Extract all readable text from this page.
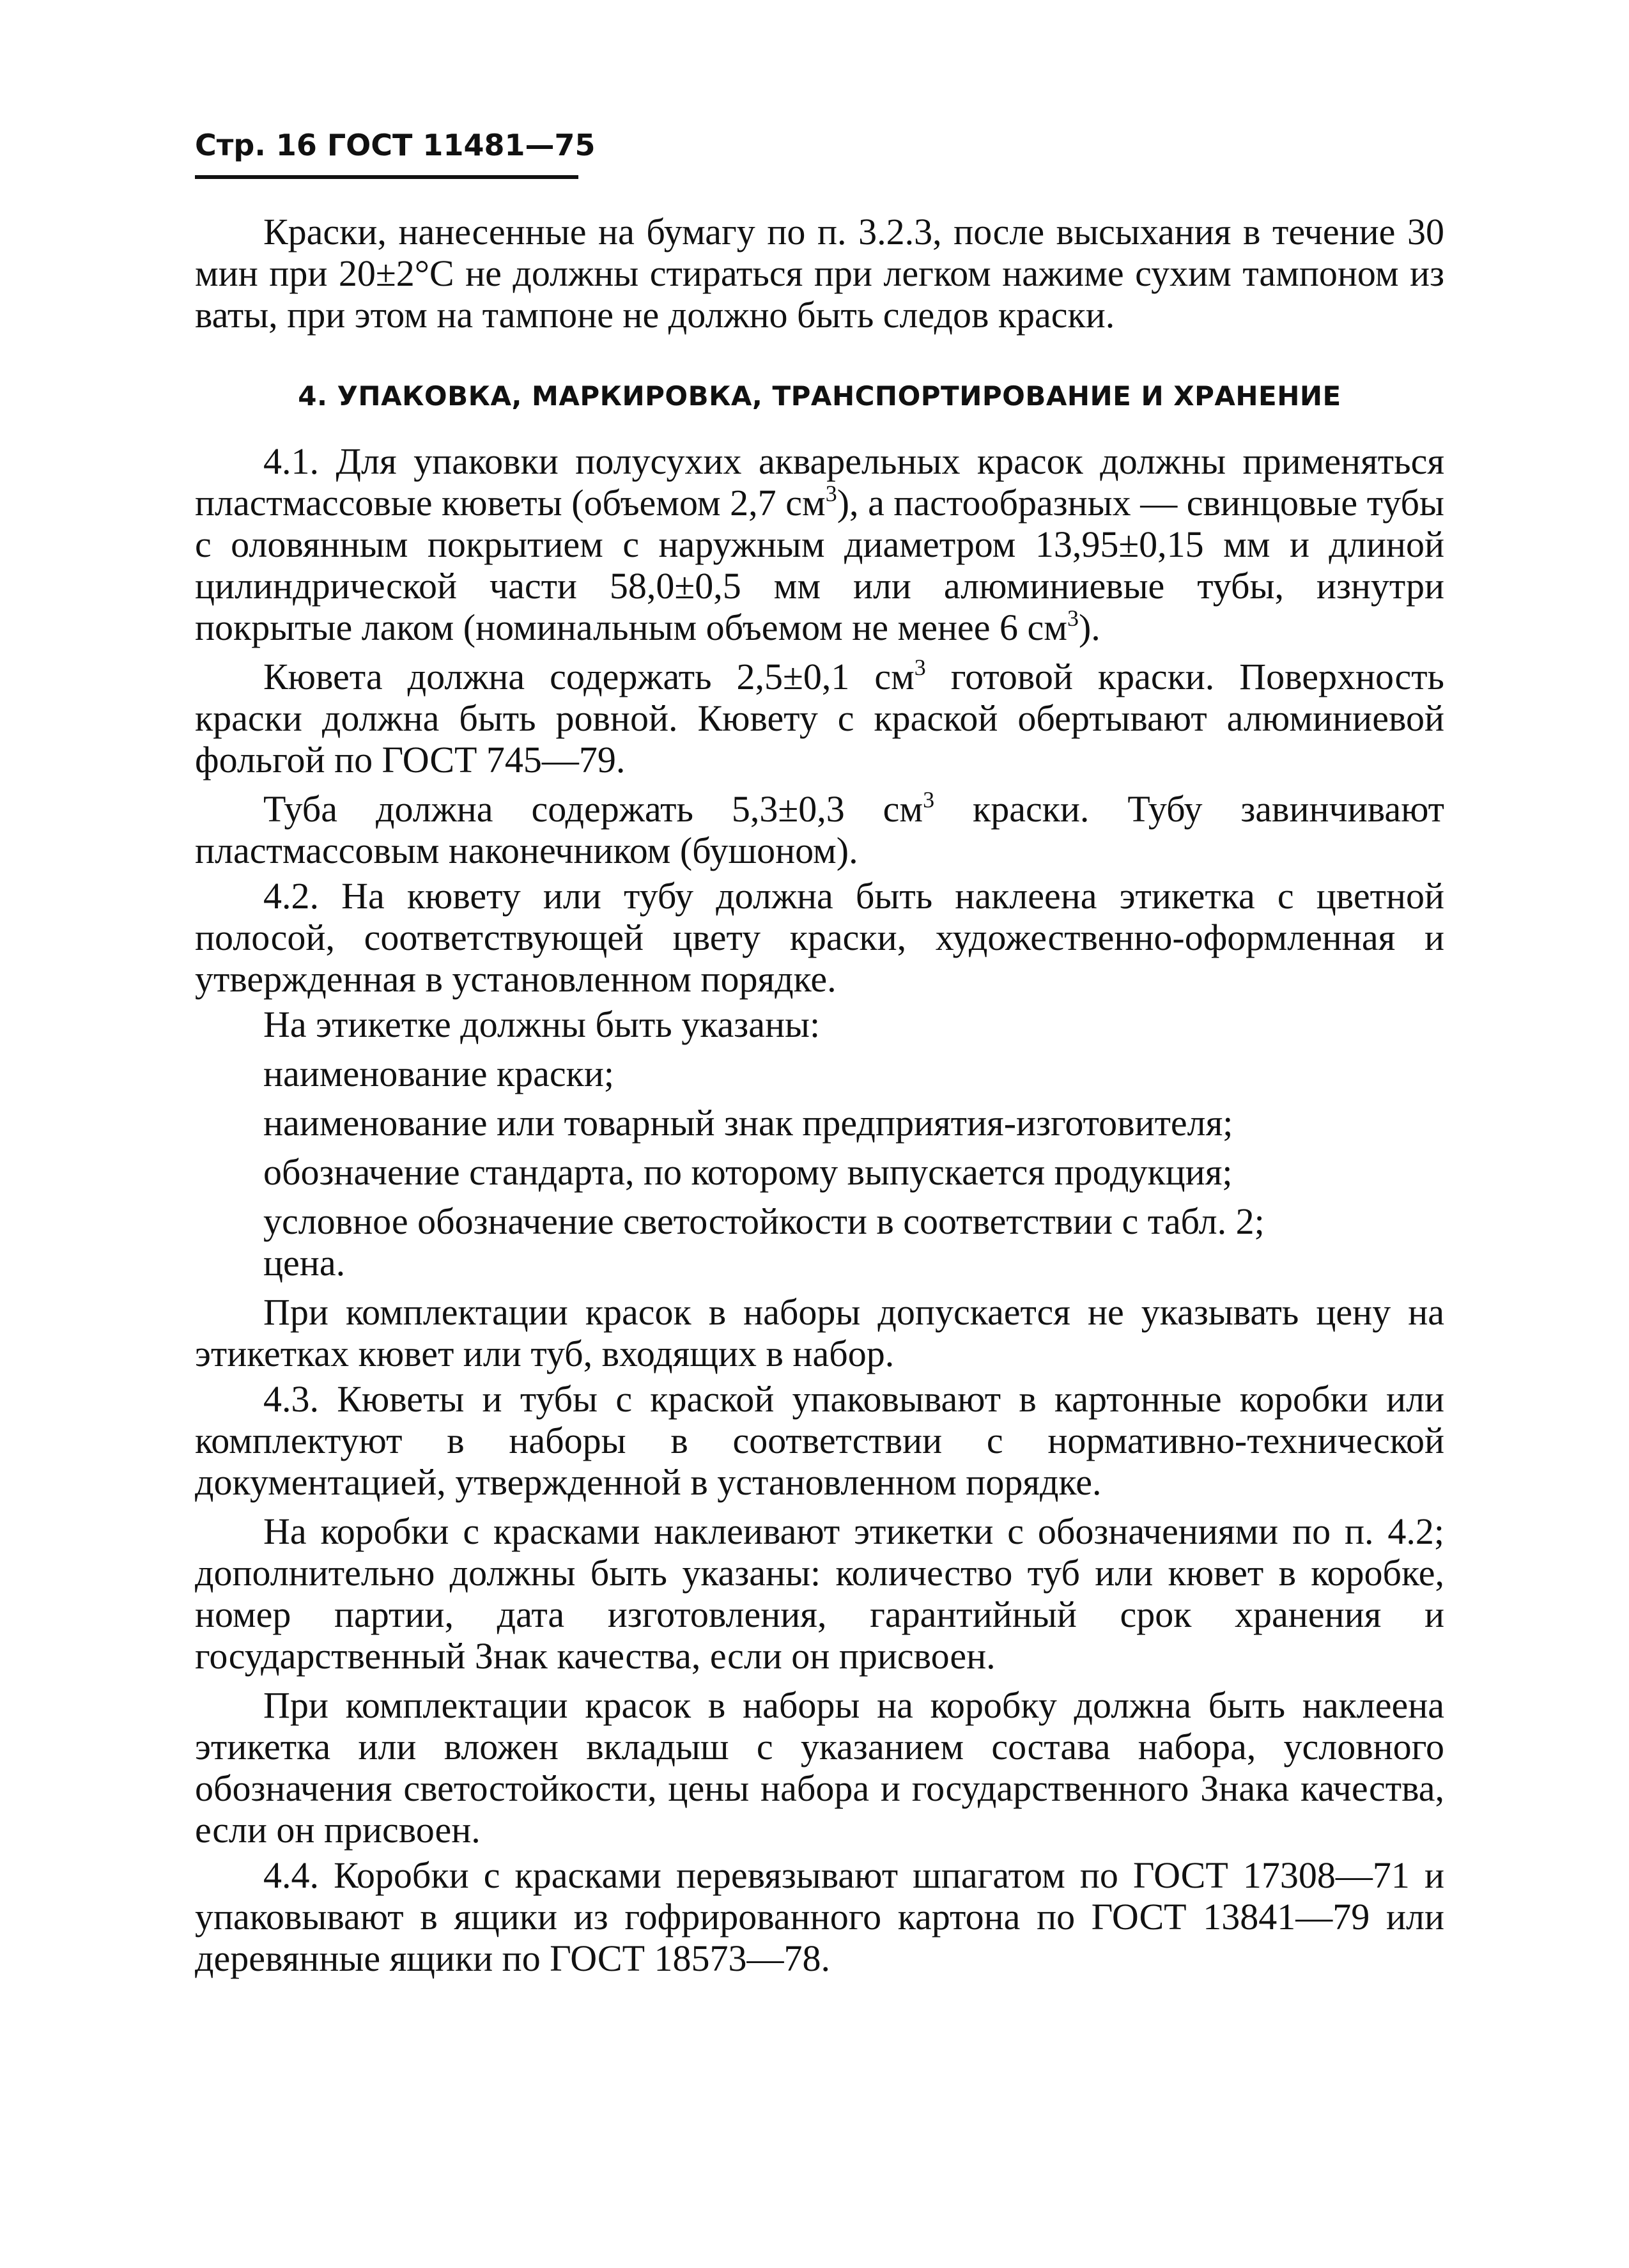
Стр. 16 ГОСТ 11481—75

Краски, нанесенные на бумагу по п. 3.2.3, после высыхания в течение 30 мин при 20±2°С не должны стираться при легком нажиме сухим тампоном из ваты, при этом на тампоне не должно быть следов краски.

4. УПАКОВКА, МАРКИРОВКА, ТРАНСПОРТИРОВАНИЕ И ХРАНЕНИЕ

4.1. Для упаковки полусухих акварельных красок должны применяться пластмассовые кюветы (объемом 2,7 $см^3$), а пастообразных — свинцовые тубы с оловянным покрытием с наружным диаметром 13,95±0,15 мм и длиной цилиндрической части 58,0±0,5 мм или алюминиевые тубы, изнутри покрытые лаком (номинальным объемом не менее 6 $см^3$).

Кювета должна содержать 2,5±0,1 $см^3$ готовой краски. Поверхность краски должна быть ровной. Кювету с краской обертывают алюминиевой фольгой по ГОСТ 745—79.

Туба должна содержать 5,3±0,3 $см^3$ краски. Тубу завинчивают пластмассовым наконечником (бушоном).

4.2. На кювету или тубу должна быть наклеена этикетка с цветной полосой, соответствующей цвету краски, художественно-оформленная и утвержденная в установленном порядке.

На этикетке должны быть указаны:

наименование краски;

наименование или товарный знак предприятия-изготовителя;

обозначение стандарта, по которому выпускается продукция;

условное обозначение светостойкости в соответствии с табл. 2;

цена.

При комплектации красок в наборы допускается не указывать цену на этикетках кювет или туб, входящих в набор.

4.3. Кюветы и тубы с краской упаковывают в картонные коробки или комплектуют в наборы в соответствии с нормативно-технической документацией, утвержденной в установленном порядке.

На коробки с красками наклеивают этикетки с обозначениями по п. 4.2; дополнительно должны быть указаны: количество туб или кювет в коробке, номер партии, дата изготовления, гарантийный срок хранения и государственный Знак качества, если он присвоен.

При комплектации красок в наборы на коробку должна быть наклеена этикетка или вложен вкладыш с указанием состава набора, условного обозначения светостойкости, цены набора и государственного Знака качества, если он присвоен.

4.4. Коробки с красками перевязывают шпагатом по ГОСТ 17308—71 и упаковывают в ящики из гофрированного картона по ГОСТ 13841—79 или деревянные ящики по ГОСТ 18573—78.
